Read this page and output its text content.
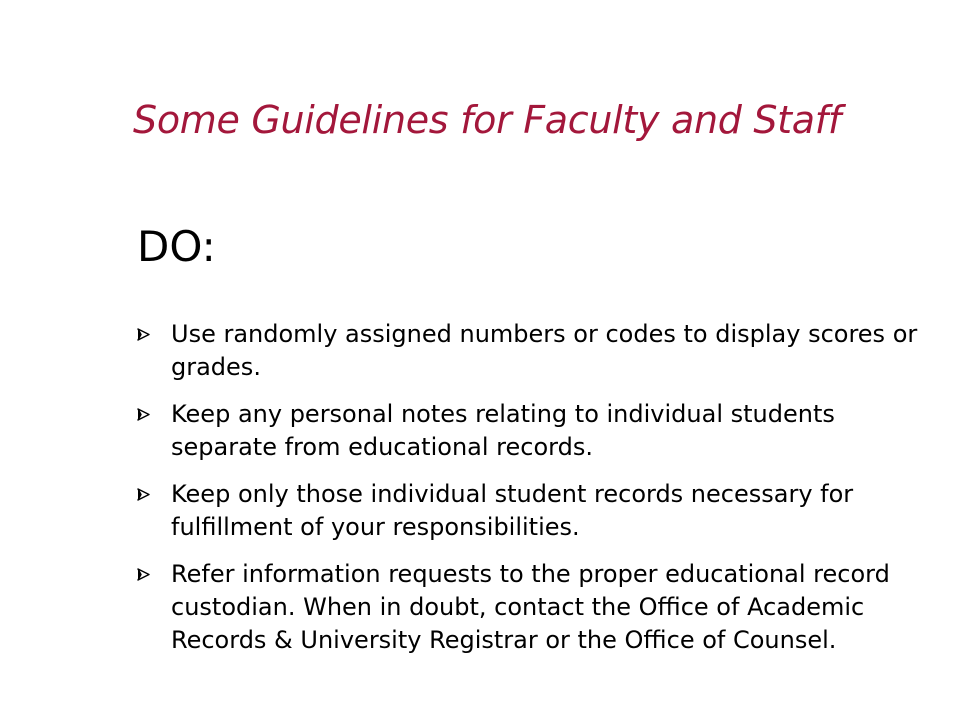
Some Guidelines for Faculty and Staff
DO:
Use randomly assigned numbers or codes to display scores or grades.
Keep any personal notes relating to individual students separate from educational records.
Keep only those individual student records necessary for fulfillment of your responsibilities.
Refer information requests to the proper educational record custodian. When in doubt, contact the Office of Academic Records & University Registrar or the Office of Counsel.
